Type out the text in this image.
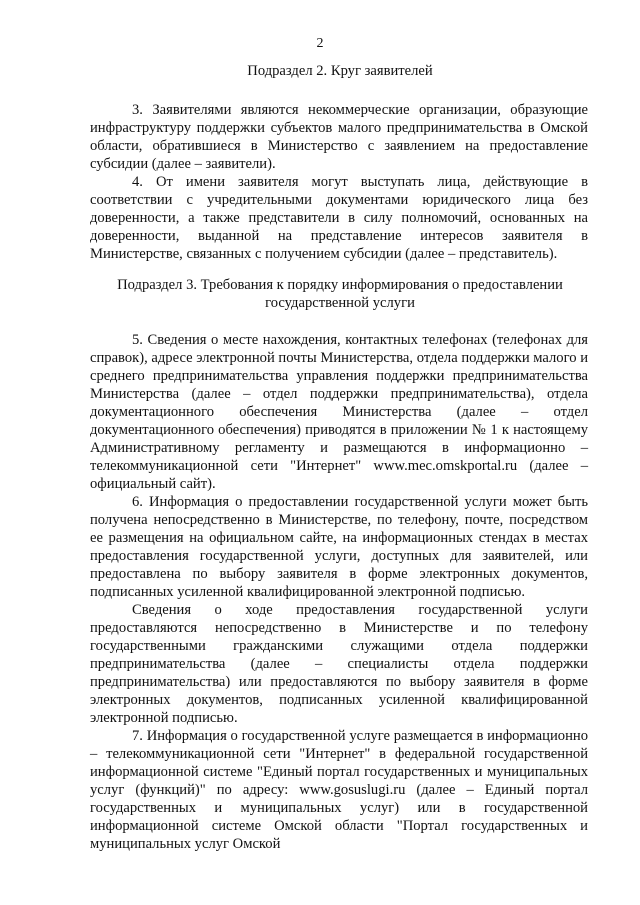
2
Подраздел 2. Круг заявителей

3. Заявителями являются некоммерческие организации, образующие инфраструктуру поддержки субъектов малого предпринимательства в Омской области, обратившиеся в Министерство с заявлением на предоставление субсидии (далее – заявители).

4. От имени заявителя могут выступать лица, действующие в соответствии с учредительными документами юридического лица без доверенности, а также представители в силу полномочий, основанных на доверенности, выданной на представление интересов заявителя в Министерстве, связанных с получением субсидии (далее – представитель).

Подраздел 3. Требования к порядку информирования о предоставлении государственной услуги

5. Сведения о месте нахождения, контактных телефонах (телефонах для справок), адресе электронной почты Министерства, отдела поддержки малого и среднего предпринимательства управления поддержки предпринимательства Министерства (далее – отдел поддержки предпринимательства), отдела документационного обеспечения Министерства (далее – отдел документационного обеспечения) приводятся в приложении № 1 к настоящему Административному регламенту и размещаются в информационно – телекоммуникационной сети "Интернет" www.mec.omskportal.ru (далее – официальный сайт).

6. Информация о предоставлении государственной услуги может быть получена непосредственно в Министерстве, по телефону, почте, посредством ее размещения на официальном сайте, на информационных стендах в местах предоставления государственной услуги, доступных для заявителей, или предоставлена по выбору заявителя в форме электронных документов, подписанных усиленной квалифицированной электронной подписью.

Сведения о ходе предоставления государственной услуги предоставляются непосредственно в Министерстве и по телефону государственными гражданскими служащими отдела поддержки предпринимательства (далее – специалисты отдела поддержки предпринимательства) или предоставляются по выбору заявителя в форме электронных документов, подписанных усиленной квалифицированной электронной подписью.

7. Информация о государственной услуге размещается в информационно – телекоммуникационной сети "Интернет" в федеральной государственной информационной системе "Единый портал государственных и муниципальных услуг (функций)" по адресу: www.gosuslugi.ru (далее – Единый портал государственных и муниципальных услуг) или в государственной информационной системе Омской области "Портал государственных и муниципальных услуг Омской
